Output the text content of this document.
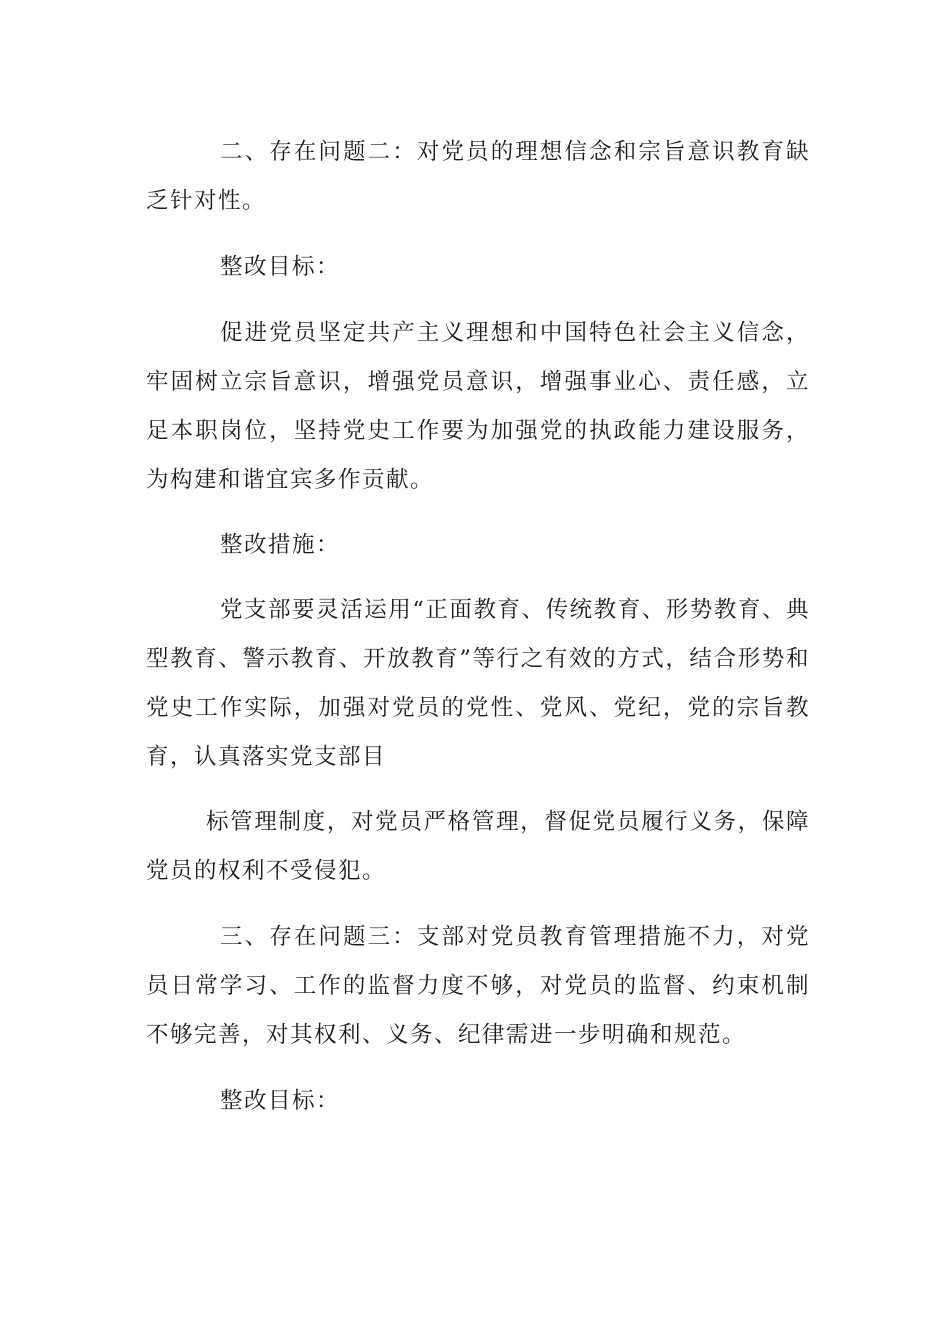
二、存在问题二：对党员的理想信念和宗旨意识教育缺乏针对性。

整改目标：

促进党员坚定共产主义理想和中国特色社会主义信念，牢固树立宗旨意识，增强党员意识，增强事业心、责任感，立足本职岗位，坚持党史工作要为加强党的执政能力建设服务，为构建和谐宜宾多作贡献。

整改措施：

党支部要灵活运用“正面教育、传统教育、形势教育、典型教育、警示教育、开放教育”等行之有效的方式，结合形势和党史工作实际，加强对党员的党性、党风、党纪，党的宗旨教育，认真落实党支部目

标管理制度，对党员严格管理，督促党员履行义务，保障党员的权利不受侵犯。

三、存在问题三：支部对党员教育管理措施不力，对党员日常学习、工作的监督力度不够，对党员的监督、约束机制不够完善，对其权利、义务、纪律需进一步明确和规范。

整改目标：
